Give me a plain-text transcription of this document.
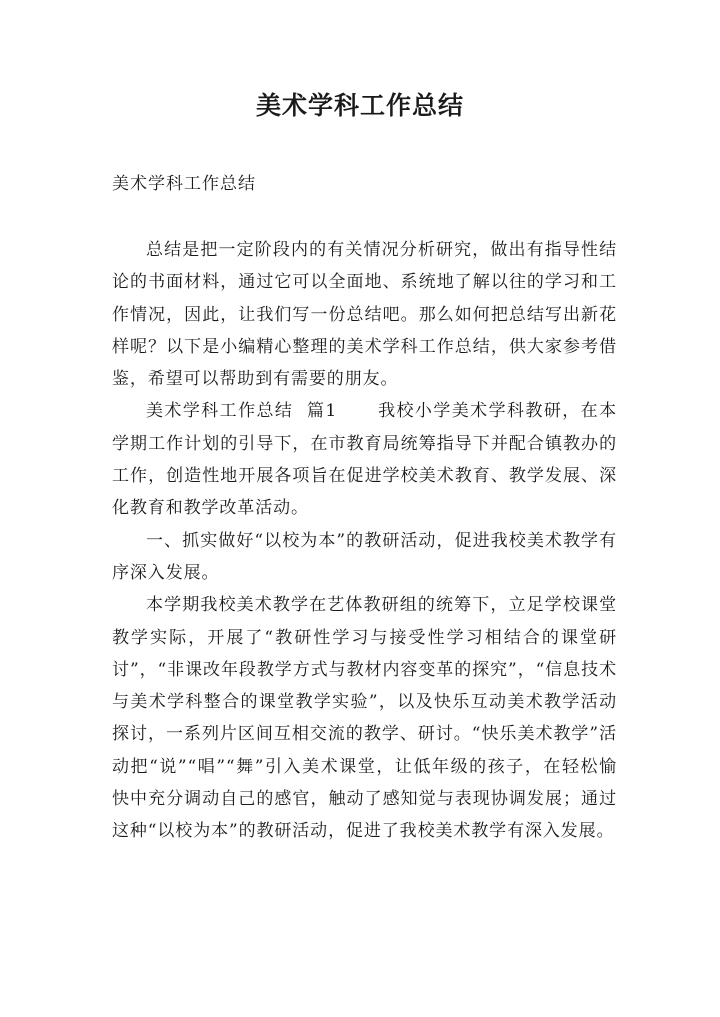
美术学科工作总结
美术学科工作总结

总结是把一定阶段内的有关情况分析研究，做出有指导性结论的书面材料，通过它可以全面地、系统地了解以往的学习和工作情况，因此，让我们写一份总结吧。那么如何把总结写出新花样呢？以下是小编精心整理的美术学科工作总结，供大家参考借鉴，希望可以帮助到有需要的朋友。

美术学科工作总结  篇1      我校小学美术学科教研，在本学期工作计划的引导下，在市教育局统筹指导下并配合镇教办的工作，创造性地开展各项旨在促进学校美术教育、教学发展、深化教育和教学改革活动。

一、抓实做好“以校为本”的教研活动，促进我校美术教学有序深入发展。

本学期我校美术教学在艺体教研组的统筹下，立足学校课堂教学实际，开展了“教研性学习与接受性学习相结合的课堂研讨”，“非课改年段教学方式与教材内容变革的探究”，“信息技术与美术学科整合的课堂教学实验”，以及快乐互动美术教学活动探讨，一系列片区间互相交流的教学、研讨。“快乐美术教学”活动把“说”“唱”“舞”引入美术课堂，让低年级的孩子，在轻松愉快中充分调动自己的感官，触动了感知觉与表现协调发展；通过这种“以校为本”的教研活动，促进了我校美术教学有深入发展。
